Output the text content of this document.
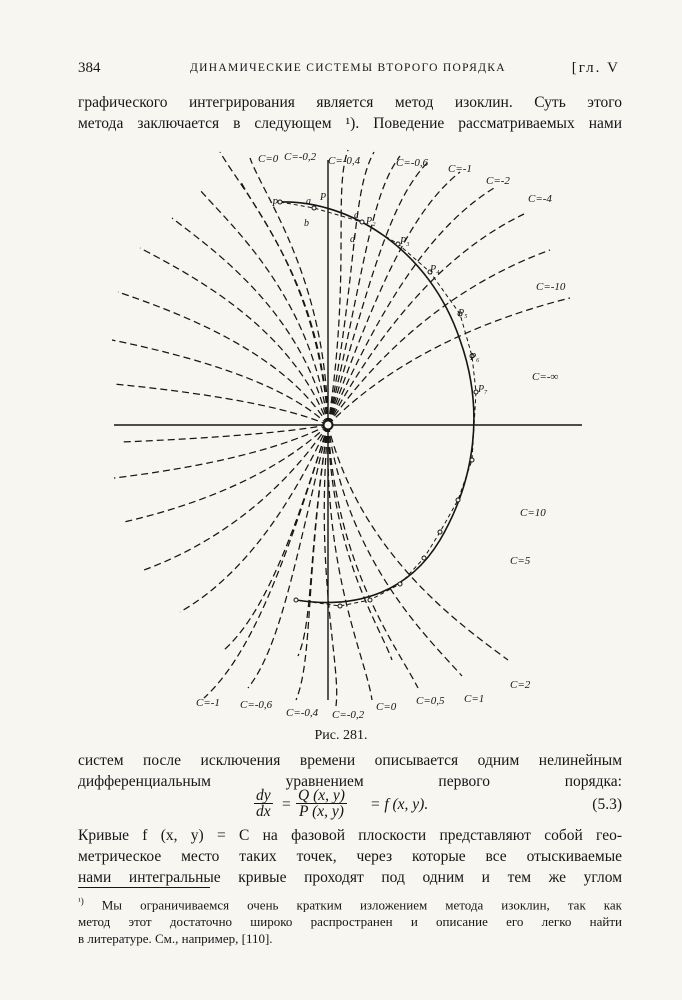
384	ДИНАМИЧЕСКИЕ СИСТЕМЫ ВТОРОГО ПОРЯДКА	[гл. V

графического интегрирования является метод изоклин. Суть этого
метода заключается в следующем ¹). Поведение рассматриваемых нами

C=0 C=-0,2 C=-0,4	C=-0,6 C=-1
C=-2
C=-4
C=-10
C=-∞
C=10
C=5
C=2
C=-1 C=-0,6
C=-0,4 C=-0,2
C=0 C=0,5 C=1
P	a
b
P₁
c
P₂
d	P₃
P₄
P₅
P₆
P₇
Рис. 281.

систем после исключения времени описывается одним нелинейным
дифференциальным уравнением первого порядка:

$\frac{dy}{dx} = \frac{Q (x, y)}{P (x, y)} = f$ (x, y).	(5.3)

Кривые f (x, y) = C на фазовой плоскости представляют собой гео-
метрическое место таких точек, через которые все отыскиваемые
нами интегральные кривые проходят под одним и тем же углом

$^{^1)}$ Мы ограничиваемся очень кратким изложением метода изоклин, так как
метод этот достаточно широко распространен и описание его легко найти
в литературе. См., например, [110].
